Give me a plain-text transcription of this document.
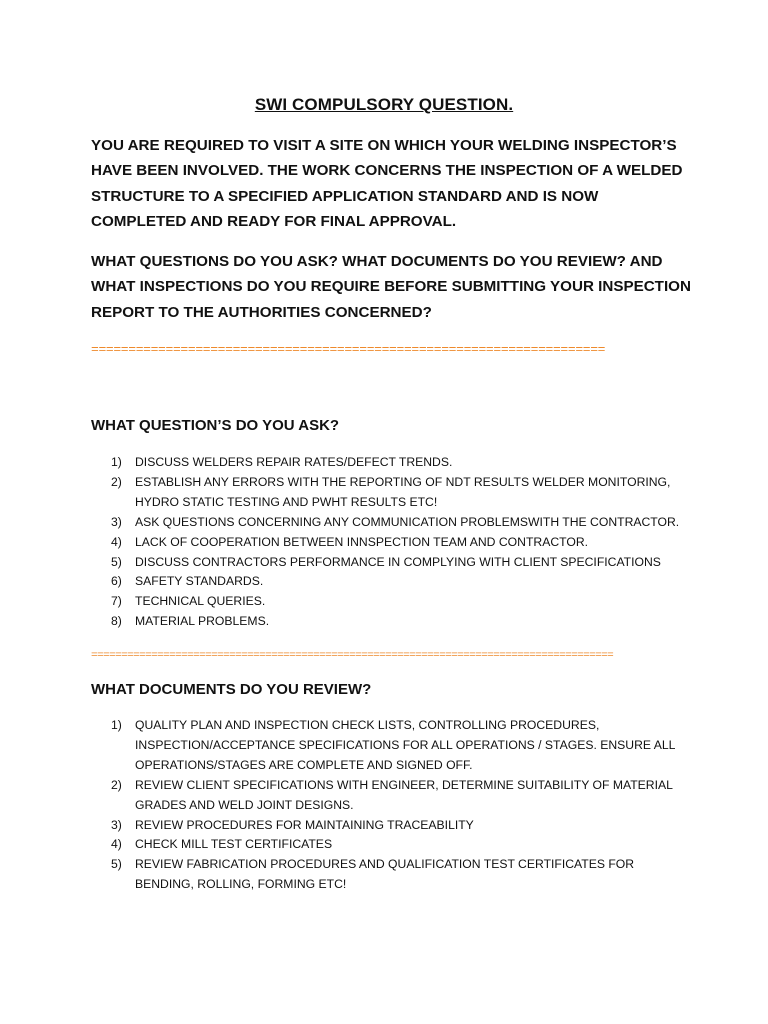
SWI COMPULSORY QUESTION.

YOU ARE REQUIRED TO VISIT A SITE ON WHICH YOUR WELDING INSPECTOR’S HAVE BEEN INVOLVED. THE WORK CONCERNS THE INSPECTION OF A WELDED STRUCTURE TO A SPECIFIED APPLICATION STANDARD AND IS NOW COMPLETED AND READY FOR FINAL APPROVAL.

WHAT QUESTIONS DO YOU ASK? WHAT DOCUMENTS DO YOU REVIEW? AND WHAT INSPECTIONS DO YOU REQUIRE BEFORE SUBMITTING YOUR INSPECTION REPORT TO THE AUTHORITIES CONCERNED?

=====================================================================
WHAT QUESTION’S DO YOU ASK?
1) DISCUSS WELDERS REPAIR RATES/DEFECT TRENDS.
2) ESTABLISH ANY ERRORS WITH THE REPORTING OF NDT RESULTS WELDER MONITORING, HYDRO STATIC TESTING AND PWHT RESULTS ETC!
3) ASK QUESTIONS CONCERNING ANY COMMUNICATION PROBLEMSWITH THE CONTRACTOR.
4) LACK OF COOPERATION BETWEEN INNSPECTION TEAM AND CONTRACTOR.
5) DISCUSS CONTRACTORS PERFORMANCE IN COMPLYING WITH CLIENT SPECIFICATIONS
6) SAFETY STANDARDS.
7) TECHNICAL QUERIES.
8) MATERIAL PROBLEMS.
=======================================================================================
WHAT DOCUMENTS DO YOU REVIEW?
1) QUALITY PLAN AND INSPECTION CHECK LISTS, CONTROLLING PROCEDURES, INSPECTION/ACCEPTANCE SPECIFICATIONS FOR ALL OPERATIONS / STAGES. ENSURE ALL OPERATIONS/STAGES ARE COMPLETE AND SIGNED OFF.
2) REVIEW CLIENT SPECIFICATIONS WITH ENGINEER, DETERMINE SUITABILITY OF MATERIAL GRADES AND WELD JOINT DESIGNS.
3) REVIEW PROCEDURES FOR MAINTAINING TRACEABILITY
4) CHECK MILL TEST CERTIFICATES
5) REVIEW FABRICATION PROCEDURES AND QUALIFICATION TEST CERTIFICATES FOR BENDING, ROLLING, FORMING ETC!
